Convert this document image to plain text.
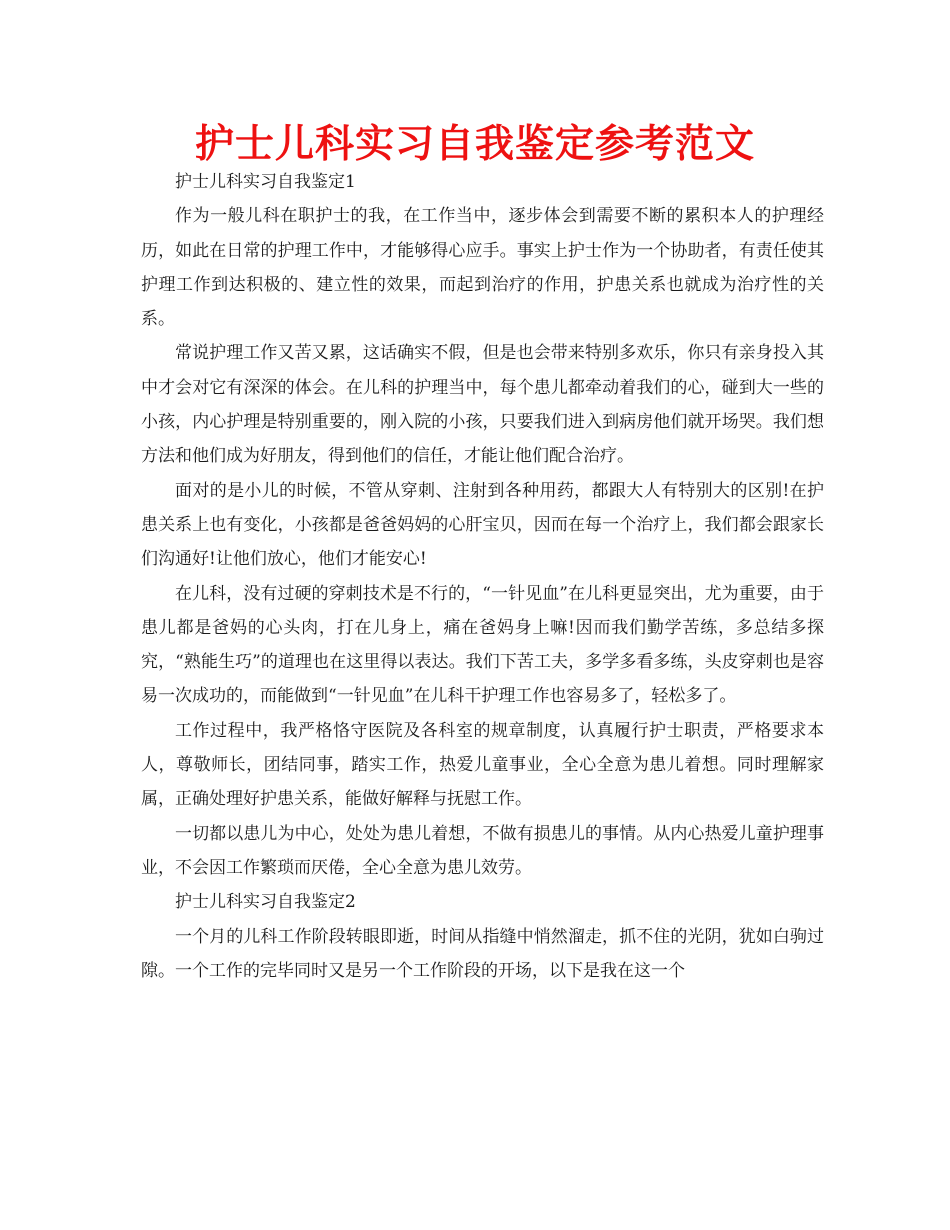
护士儿科实习自我鉴定参考范文

护士儿科实习自我鉴定1

作为一般儿科在职护士的我，在工作当中，逐步体会到需要不断的累积本人的护理经历，如此在日常的护理工作中，才能够得心应手。事实上护士作为一个协助者，有责任使其护理工作到达积极的、建立性的效果，而起到治疗的作用，护患关系也就成为治疗性的关系。

常说护理工作又苦又累，这话确实不假，但是也会带来特别多欢乐，你只有亲身投入其中才会对它有深深的体会。在儿科的护理当中，每个患儿都牵动着我们的心，碰到大一些的小孩，内心护理是特别重要的，刚入院的小孩，只要我们进入到病房他们就开场哭。我们想方法和他们成为好朋友，得到他们的信任，才能让他们配合治疗。

面对的是小儿的时候，不管从穿刺、注射到各种用药，都跟大人有特别大的区别!在护患关系上也有变化，小孩都是爸爸妈妈的心肝宝贝，因而在每一个治疗上，我们都会跟家长们沟通好!让他们放心，他们才能安心!

在儿科，没有过硬的穿刺技术是不行的，“一针见血”在儿科更显突出，尤为重要，由于患儿都是爸妈的心头肉，打在儿身上，痛在爸妈身上嘛!因而我们勤学苦练，多总结多探究，“熟能生巧”的道理也在这里得以表达。我们下苦工夫，多学多看多练，头皮穿刺也是容易一次成功的，而能做到“一针见血”在儿科干护理工作也容易多了，轻松多了。

工作过程中，我严格恪守医院及各科室的规章制度，认真履行护士职责，严格要求本人，尊敬师长，团结同事，踏实工作，热爱儿童事业，全心全意为患儿着想。同时理解家属，正确处理好护患关系，能做好解释与抚慰工作。

一切都以患儿为中心，处处为患儿着想，不做有损患儿的事情。从内心热爱儿童护理事业，不会因工作繁琐而厌倦，全心全意为患儿效劳。

护士儿科实习自我鉴定2

一个月的儿科工作阶段转眼即逝，时间从指缝中悄然溜走，抓不住的光阴，犹如白驹过隙。一个工作的完毕同时又是另一个工作阶段的开场，以下是我在这一个
